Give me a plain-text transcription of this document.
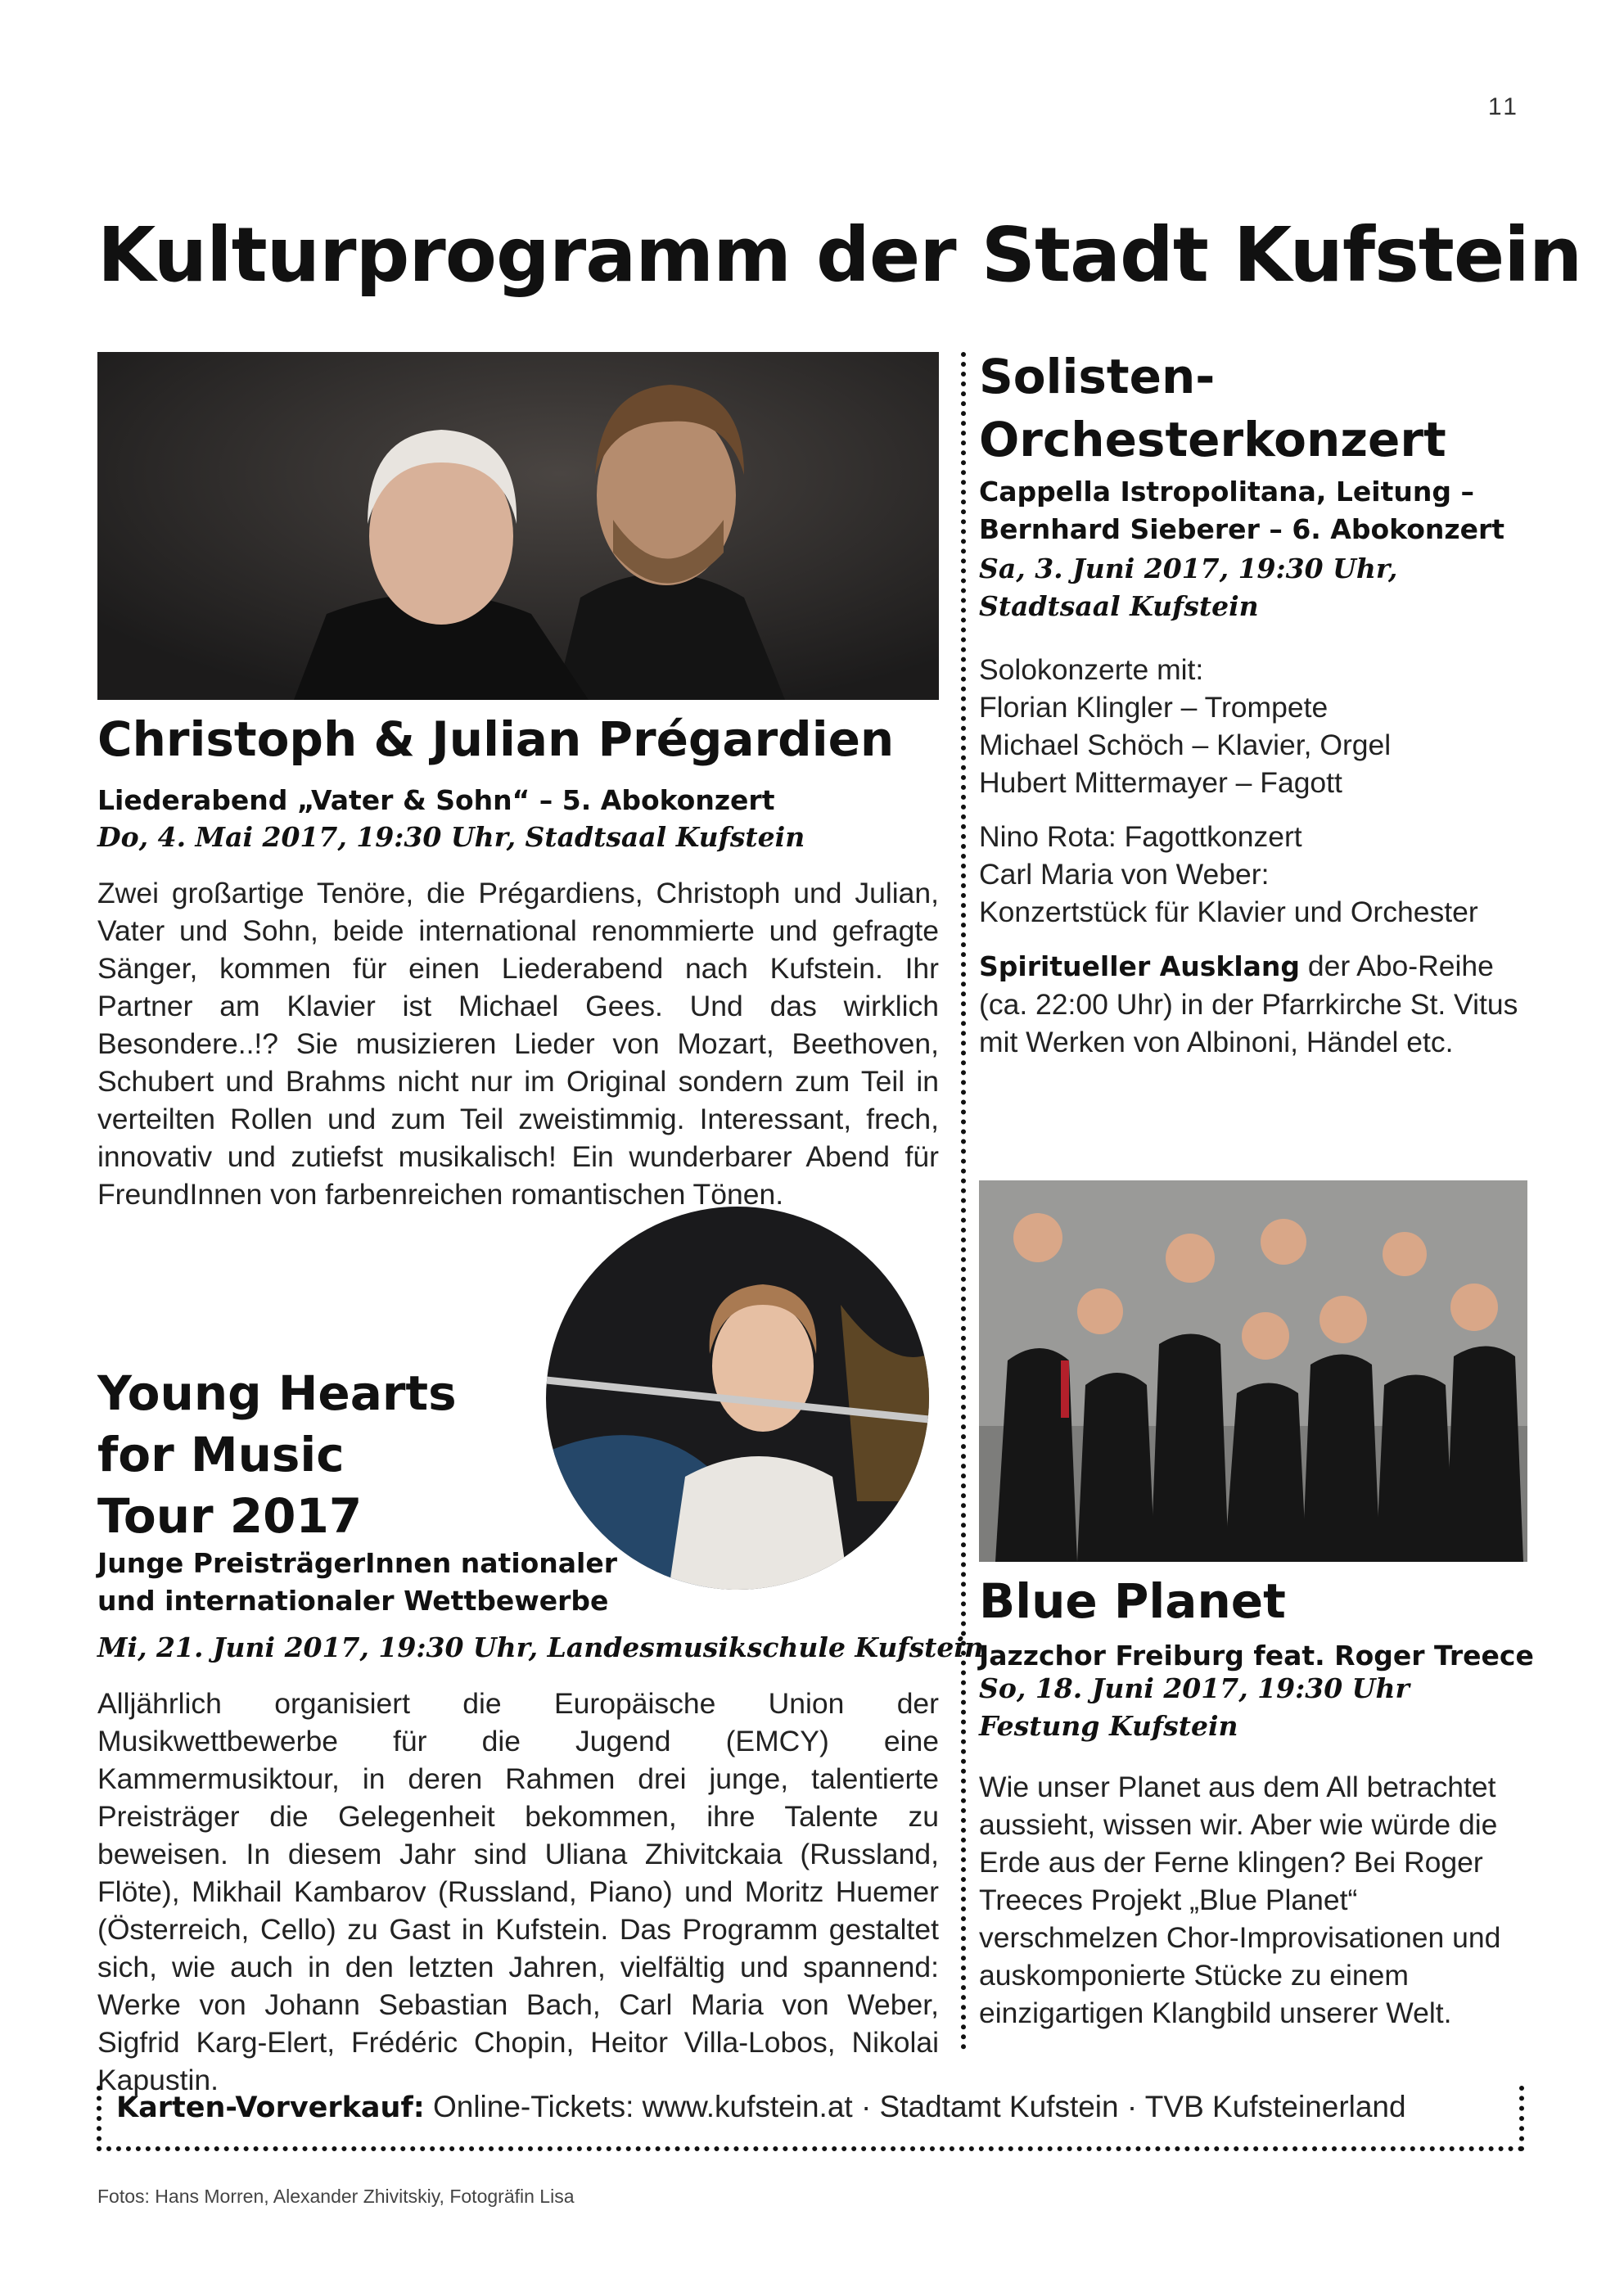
11
Kulturprogramm der Stadt Kufstein
Christoph & Julian Prégardien
Liederabend „Vater & Sohn“ – 5. Abokonzert
Do, 4. Mai 2017, 19:30 Uhr, Stadtsaal Kufstein

Zwei großartige Tenöre, die Prégardiens, Christoph und Julian, Vater und Sohn, beide international renommierte und gefragte Sänger, kommen für einen Liederabend nach Kufstein. Ihr Partner am Klavier ist Michael Gees. Und das wirklich Besondere..!? Sie musizieren Lieder von Mozart, Beethoven, Schubert und Brahms nicht nur im Original sondern zum Teil in verteilten Rollen und zum Teil zweistimmig. Interessant, frech, innovativ und zutiefst musikalisch! Ein wunderbarer Abend für FreundInnen von farbenreichen romantischen Tönen.

Young Hearts
for Music
Tour 2017
Junge PreisträgerInnen nationaler
und internationaler Wettbewerbe
Mi, 21. Juni 2017, 19:30 Uhr, Landesmusikschule Kufstein

Alljährlich organisiert die Europäische Union der Musikwettbewerbe für die Jugend (EMCY) eine Kammermusiktour, in deren Rahmen drei junge, talentierte Preisträger die Gelegenheit bekommen, ihre Talente zu beweisen. In diesem Jahr sind Uliana Zhivitckaia (Russland, Flöte), Mikhail Kambarov (Russland, Piano) und Moritz Huemer (Österreich, Cello) zu Gast in Kufstein. Das Programm gestaltet sich, wie auch in den letzten Jahren, vielfältig und spannend: Werke von Johann Sebastian Bach, Carl Maria von Weber, Sigfrid Karg-Elert, Frédéric Chopin, Heitor Villa-Lobos, Nikolai Kapustin.

Solisten-
Orchesterkonzert
Cappella Istropolitana, Leitung –
Bernhard Sieberer – 6. Abokonzert
Sa, 3. Juni 2017, 19:30 Uhr,
Stadtsaal Kufstein

Solokonzerte mit:
Florian Klingler – Trompete
Michael Schöch – Klavier, Orgel
Hubert Mittermayer – Fagott

Nino Rota: Fagottkonzert
Carl Maria von Weber:
Konzertstück für Klavier und Orchester

Spiritueller Ausklang der Abo-Reihe (ca. 22:00 Uhr) in der Pfarrkirche St. Vitus mit Werken von Albinoni, Händel etc.

Blue Planet
Jazzchor Freiburg feat. Roger Treece
So, 18. Juni 2017, 19:30 Uhr
Festung Kufstein

Wie unser Planet aus dem All betrachtet aussieht, wissen wir. Aber wie würde die Erde aus der Ferne klingen? Bei Roger Treeces Projekt „Blue Planet“ verschmelzen Chor-Improvisationen und auskomponierte Stücke zu einem einzigartigen Klangbild unserer Welt.

Karten-Vorverkauf: Online-Tickets: www.kufstein.at · Stadtamt Kufstein · TVB Kufsteinerland
Fotos: Hans Morren, Alexander Zhivitskiy, Fotogräfin Lisa
